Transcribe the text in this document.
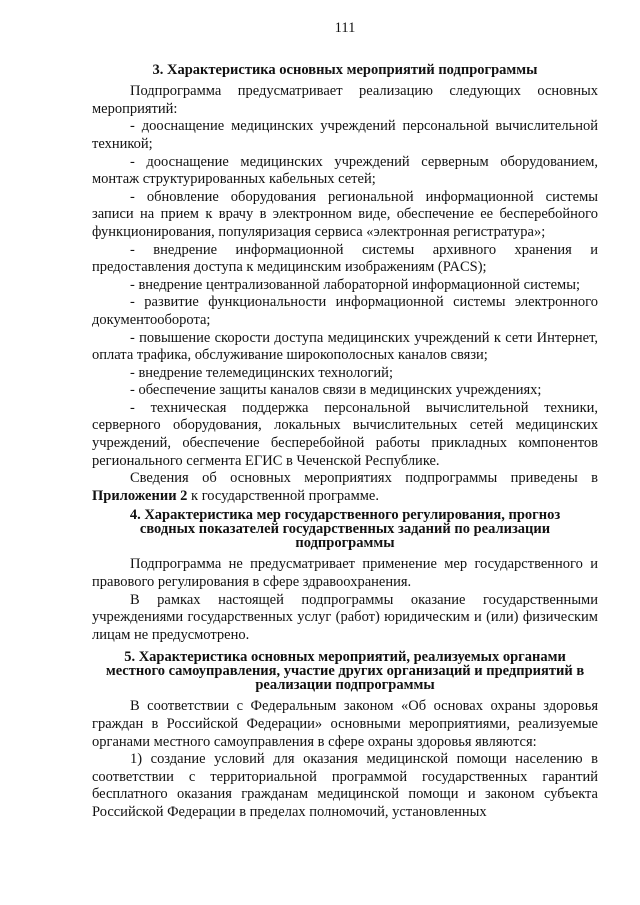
111
3. Характеристика основных мероприятий подпрограммы

Подпрограмма предусматривает реализацию следующих основных мероприятий:

- дооснащение медицинских учреждений персональной вычислительной техникой;

- дооснащение медицинских учреждений серверным оборудованием, монтаж структурированных кабельных сетей;

- обновление оборудования региональной информационной системы записи на прием к врачу в электронном виде, обеспечение ее бесперебойного функционирования, популяризация сервиса «электронная регистратура»;

- внедрение информационной системы архивного хранения и предоставления доступа к медицинским изображениям (PACS);

- внедрение централизованной лабораторной информационной системы;

- развитие функциональности информационной системы электронного документооборота;

- повышение скорости доступа медицинских учреждений к сети Интернет, оплата трафика, обслуживание широкополосных каналов связи;

- внедрение телемедицинских технологий;

- обеспечение защиты каналов связи в медицинских учреждениях;

- техническая поддержка персональной вычислительной техники, серверного оборудования, локальных вычислительных сетей медицинских учреждений, обеспечение бесперебойной работы прикладных компонентов регионального сегмента ЕГИС в Чеченской Республике.

Сведения об основных мероприятиях подпрограммы приведены в Приложении 2 к государственной программе.

4. Характеристика мер государственного регулирования, прогноз
сводных показателей государственных заданий по реализации
подпрограммы

Подпрограмма не предусматривает применение мер государственного и правового регулирования в сфере здравоохранения.

В рамках настоящей подпрограммы оказание государственными учреждениями государственных услуг (работ) юридическим и (или) физическим лицам не предусмотрено.

5. Характеристика основных мероприятий, реализуемых органами
местного самоуправления, участие других организаций и предприятий в
реализации подпрограммы

В соответствии с Федеральным законом «Об основах охраны здоровья граждан в Российской Федерации» основными мероприятиями, реализуемые органами местного самоуправления в сфере охраны здоровья являются:

1) создание условий для оказания медицинской помощи населению в соответствии с территориальной программой государственных гарантий бесплатного оказания гражданам медицинской помощи и законом субъекта Российской Федерации в пределах полномочий, установленных
